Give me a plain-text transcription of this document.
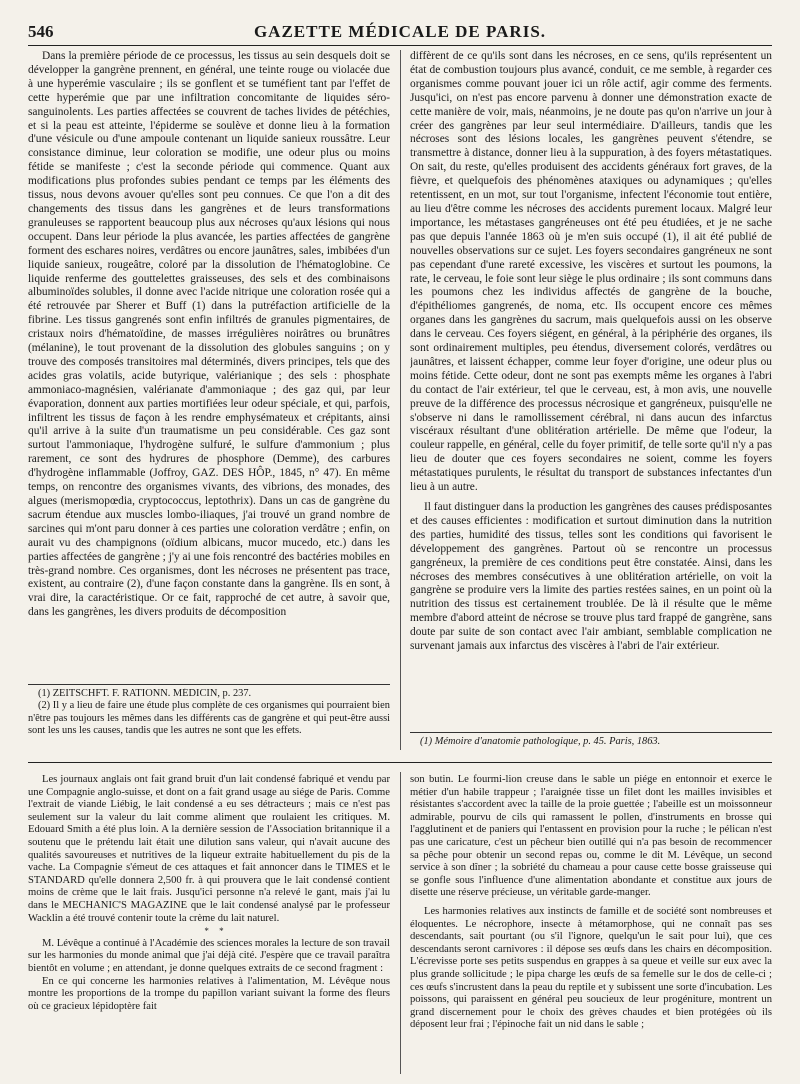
546	GAZETTE MÉDICALE DE PARIS.

Dans la première période de ce processus, les tissus au sein desquels doit se développer la gangrène prennent, en général, une teinte rouge ou violacée due à une hyperémie vasculaire ; ils se gonflent et se tuméfient tant par l'effet de cette hyperémie que par une infiltration concomitante de liquides séro-sanguinolents. Les parties affectées se couvrent de taches livides de pétéchies, et si la peau est atteinte, l'épiderme se soulève et donne lieu à la formation d'une vésicule ou d'une ampoule contenant un liquide sanieux roussâtre. Leur consistance diminue, leur coloration se modifie, une odeur plus ou moins fétide se manifeste ; c'est la seconde période qui commence. Quant aux modifications plus profondes subies pendant ce temps par les éléments des tissus, nous devons avouer qu'elles sont peu connues. Ce que l'on a dit des changements des tissus dans les gangrènes et de leurs transformations granuleuses se rapportent beaucoup plus aux nécroses qu'aux lésions qui nous occupent. Dans leur période la plus avancée, les parties affectées de gangrène forment des eschares noires, verdâtres ou encore jaunâtres, sales, imbibées d'un liquide sanieux, rougeâtre, coloré par la dissolution de l'hématoglobine. Ce liquide renferme des gouttelettes graisseuses, des sels et des combinaisons albuminoïdes solubles, il donne avec l'acide nitrique une coloration rosée qui a été retrouvée par Sherer et Buff (1) dans la putréfaction artificielle de la fibrine. Les tissus gangrenés sont enfin infiltrés de granules pigmentaires, de cristaux noirs d'hématoïdine, de masses irrégulières noirâtres ou brunâtres (mélanine), le tout provenant de la dissolution des globules sanguins ; on y trouve des composés transitoires mal déterminés, divers principes, tels que des acides gras volatils, acide butyrique, valérianique ; des sels : phosphate ammoniaco-magnésien, valérianate d'ammoniaque ; des gaz qui, par leur évaporation, donnent aux parties mortifiées leur odeur spéciale, et qui, parfois, infiltrent les tissus de façon à les rendre emphysémateux et crépitants, ainsi qu'il arrive à la suite d'un traumatisme un peu considérable. Ces gaz sont surtout l'ammoniaque, l'hydrogène sulfuré, le sulfure d'ammonium ; plus rarement, ce sont des hydrures de phosphore (Demme), des carbures d'hydrogène inflammable (Joffroy, GAZ. DES HÔP., 1845, n° 47). En même temps, on rencontre des organismes vivants, des vibrions, des monades, des algues (merismopœdia, cryptococcus, leptothrix). Dans un cas de gangrène du sacrum étendue aux muscles lombo-iliaques, j'ai trouvé un grand nombre de sarcines qui m'ont paru donner à ces parties une coloration verdâtre ; enfin, on aurait vu des champignons (oïdium albicans, mucor mucedo, etc.) dans les parties affectées de gangrène ; j'y ai une fois rencontré des bactéries mobiles en très-grand nombre. Ces organismes, dont les nécroses ne présentent pas trace, existent, au contraire (2), d'une façon constante dans la gangrène. Ils en sont, à vrai dire, la caractéristique. Or ce fait, rapproché de cet autre, à savoir que, dans les gangrènes, les divers produits de décomposition

(1) ZEITSCHFT. F. RATIONN. MÉDICIN, p. 237.

(2) Il y a lieu de faire une étude plus complète de ces organismes qui pourraient bien n'être pas toujours les mêmes dans les différents cas de gangrène et qui peut-être aussi sont les uns les causes, tandis que les autres ne sont que les effets.

diffèrent de ce qu'ils sont dans les nécroses, en ce sens, qu'ils représentent un état de combustion toujours plus avancé, conduit, ce me semble, à regarder ces organismes comme pouvant jouer ici un rôle actif, agir comme des ferments. Jusqu'ici, on n'est pas encore parvenu à donner une démonstration exacte de cette manière de voir, mais, néanmoins, je ne doute pas qu'on n'arrive un jour à créer des gangrènes par leur seul intermédiaire. D'ailleurs, tandis que les nécroses sont des lésions locales, les gangrènes peuvent s'étendre, se transmettre à distance, donner lieu à la suppuration, à des foyers métastatiques. On sait, du reste, qu'elles produisent des accidents généraux fort graves, de la fièvre, et quelquefois des phénomènes ataxiques ou adynamiques ; qu'elles retentissent, en un mot, sur tout l'organisme, infectent l'économie tout entière, au lieu d'être comme les nécroses des accidents purement locaux. Malgré leur importance, les métastases gangréneuses ont été peu étudiées, et je ne sache pas que depuis l'année 1863 où je m'en suis occupé (1), il ait été publié de nouvelles observations sur ce sujet. Les foyers secondaires gangréneux ne sont pas cependant d'une rareté excessive, les viscères et surtout les poumons, la rate, le cerveau, le foie sont leur siège le plus ordinaire ; ils sont communs dans les poumons chez les individus affectés de gangrène de la bouche, d'épithéliomes gangrenés, de noma, etc. Ils occupent encore ces mêmes organes dans les gangrènes du sacrum, mais quelquefois aussi on les observe dans le cerveau. Ces foyers siégent, en général, à la périphérie des organes, ils sont ordinairement multiples, peu étendus, diversement colorés, verdâtres ou jaunâtres, et laissent échapper, comme leur foyer d'origine, une odeur plus ou moins fétide. Cette odeur, dont ne sont pas exempts même les organes à l'abri du contact de l'air extérieur, tel que le cerveau, est, à mon avis, une nouvelle preuve de la différence des processus nécrosique et gangréneux, puisqu'elle ne s'observe ni dans le ramollissement cérébral, ni dans aucun des infarctus viscéraux résultant d'une oblitération artérielle. De même que l'odeur, la couleur rappelle, en général, celle du foyer primitif, de telle sorte qu'il n'y a pas lieu de douter que ces foyers secondaires ne soient, comme les foyers métastatiques purulents, le résultat du transport de substances infectantes d'un lieu à un autre.

Il faut distinguer dans la production les gangrènes des causes prédisposantes et des causes efficientes : modification et surtout diminution dans la nutrition des parties, humidité des tissus, telles sont les conditions qui favorisent le développement des gangrènes. Partout où se rencontre un processus gangréneux, la première de ces conditions peut être constatée. Ainsi, dans les nécroses des membres consécutives à une oblitération artérielle, on voit la gangrène se produire vers la limite des parties restées saines, en un point où la nutrition des tissus est certainement troublée. De là il résulte que le même membre d'abord atteint de nécrose se trouve plus tard frappé de gangrène, sans doute par suite de son contact avec l'air ambiant, semblable complication ne survenant jamais aux infarctus des viscères à l'abri de l'air extérieur.

(1) Mémoire d'anatomie pathologique, p. 45. Paris, 1863.

Les journaux anglais ont fait grand bruit d'un lait condensé fabriqué et vendu par une Compagnie anglo-suisse, et dont on a fait grand usage au siége de Paris. Comme l'extrait de viande Liébig, le lait condensé a eu ses détracteurs ; mais ce n'est pas seulement sur la valeur du lait comme aliment que roulaient les critiques. M. Edouard Smith a été plus loin. A la dernière session de l'Association britannique il a soutenu que le prétendu lait était une dilution sans valeur, qui n'avait aucune des qualités savoureuses et nutritives de la liqueur extraite habituellement du pis de la vache. La Compagnie s'émeut de ces attaques et fait annoncer dans le TIMES et le STANDARD qu'elle donnera 2,500 fr. à qui prouvera que le lait condensé contient moins de crème que le lait frais. Jusqu'ici personne n'a relevé le gant, mais j'ai lu dans le MECHANIC'S MAGAZINE que le lait condensé analysé par le professeur Wacklin a été trouvé contenir toute la crème du lait naturel.

* *

M. Lévêque a continué à l'Académie des sciences morales la lecture de son travail sur les harmonies du monde animal que j'ai déjà cité. J'espère que ce travail paraîtra bientôt en volume ; en attendant, je donne quelques extraits de ce second fragment :

En ce qui concerne les harmonies relatives à l'alimentation, M. Lévêque nous montre les proportions de la trompe du papillon variant suivant la forme des fleurs où ce gracieux lépidoptère fait

son butin. Le fourmi-lion creuse dans le sable un piége en entonnoir et exerce le métier d'un habile trappeur ; l'araignée tisse un filet dont les mailles invisibles et résistantes s'accordent avec la taille de la proie guettée ; l'abeille est un moissonneur admirable, pourvu de cils qui ramassent le pollen, d'instruments en brosse qui l'agglutinent et de paniers qui l'entassent en provision pour la ruche ; le pélican n'est pas une caricature, c'est un pêcheur bien outillé qui n'a pas besoin de recommencer sa pêche pour obtenir un second repas ou, comme le dit M. Lévêque, un second service à son dîner ; la sobriété du chameau a pour cause cette bosse graisseuse qui se gonfle sous l'influence d'une alimentation abondante et constitue aux jours de disette une réserve précieuse, un véritable garde-manger.

Les harmonies relatives aux instincts de famille et de société sont nombreuses et éloquentes. Le nécrophore, insecte à métamorphose, qui ne connaît pas ses descendants, sait pourtant (ou s'il l'ignore, quelqu'un le sait pour lui), que ces descendants seront carnivores : il dépose ses œufs dans les chairs en décomposition. L'écrevisse porte ses petits suspendus en grappes à sa queue et veille sur eux avec la plus grande sollicitude ; le pipa charge les œufs de sa femelle sur le dos de celle-ci ; ces œufs s'incrustent dans la peau du reptile et y subissent une sorte d'incubation. Les poissons, qui paraissent en général peu soucieux de leur progéniture, montrent un grand discernement pour le choix des grèves chaudes et bien protégées où ils déposent leur frai ; l'épinoche fait un nid dans le sable ;
